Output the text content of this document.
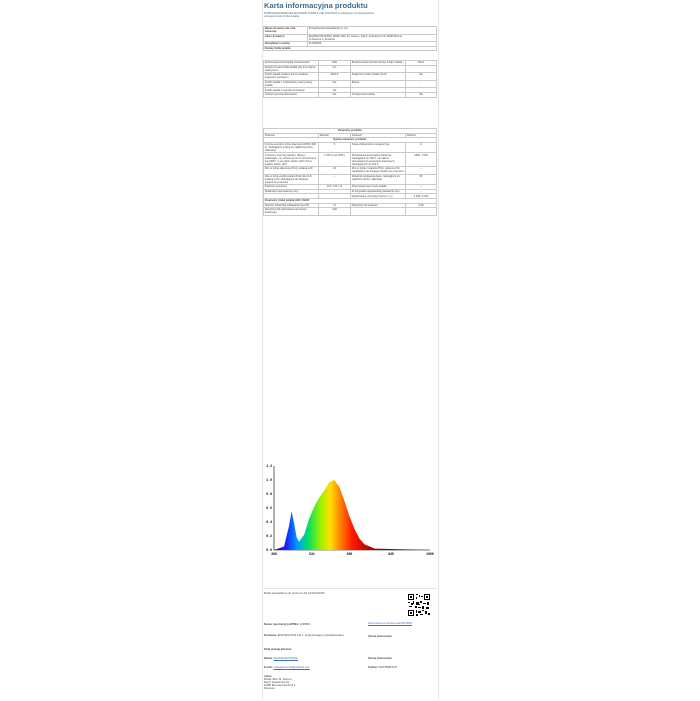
Karta informacyjna produktu
ROZPORZĄDZENIE DELEGOWANE KOMISJI (UE) 2019/2015 w odniesieniu do etykietowania
energetycznego źródeł światła
Nazwa dostawcy lub znak towarowy:	Zhongshanshimahaodianqi Co.,Ltd
Adres dostawcy:	ENAPEGASUS2006, MIHAI, Bloc 42, Scara 1, Etaj 5, Apartament 29, 22082 Bucure-
sti Sectorul 2, Romania

Identyfikator modelu:	PLUM2505
Rodzaj źródła światła:	
Zastosowana technologia oświetleniowa:	LED	Bezkierunkowe lub kierunkowe źródło światła:	NDLS
Rodzaj trzonka źródła światła (lub inne złącze elektryczne)	GC		
Źródło światła zasilane lub nie-zasilane napięciem sieciowym:	MAILS	Połączone źródło światła (CLS):	Nie
Źródło światła z możliwością zmiany barwy światła:	Nie	Barwa:	–
Źródło światła o wysokiej luminancji:	Nie		
Ochrona przeciwolśnieniowa:	Nie	Funkcja ściemniania:	Nie
Parametry produktu			
Parametr	Wartość	Parametr	Wartość
Ogólne parametry produktu:			
Zużycie energii w trybie włączenia (kWh/1 000 h), zaokrąglone w górę do najbliższej liczby całkowitej	5	Klasa efektywności energetycznej	G
Użyteczny strumień świetlny (Φuse), wskazujący, czy odnosi się on do strumienia w kuli (360°), w szerokim stożku (120°) lub w wąskim stożku (90°)	1 050 w kuli (360°)	Skorelowana temperatura barwowa, zaokrąglona do 100 K, lub zakres skorelowanych temperatur barwowych, zaokrąglonych do 100 K	2800...7000
Moc w trybie włączenia (Pon), podana w W	4,6	Moc w trybie czuwania (Psb), podana w W i zaokrąglona do drugiego miejsca po przecinku	–
Moc w trybie podtrzymania (Pnet) dla CLS podana w W i zaokrąglona do drugiego miejsca po przecinku	–	Wskaźnik oddawania barw, zaokrąglony do najbliższej liczby całkowitej	83
Parametr wymienny	104 / 133 / 12	Rzeczywisty kąt rozsyłu światła	–
Deklaracja równoważnej mocy	–	W przypadku odpowiedniej deklaracji mocy	–
		Współrzędne chromatyczności (x i y)	0,358 / 0,403
Parametry źródeł światła LED i OLED:			
Wartość wskaźnika oddawania barw R9	21	Współczynnik trwałości	0,99
Współczynnik zachowania strumienia świetlnego	0,96		
1.2
1.0
0.8
0.6
0.4
0.2
0.0
380	531	680	845	1000
Model wprowadzony do obrotu w Unii od 03/01/2025
Numer rejestracyjny EPREL: 2238803	https://eprel.ec.europa.eu/qr/223 8803
Dostawca: ENA PEGASUS S.R.L. (reprezentujący przedsiębiorstwo)	Strona internetowa:
Dział obsługi klientów:
Nazwa: ENAPEGASUS2006,	Strona internetowa:
E-mail: maneasuciumark@outlook.com	Telefon: 0040758811178
Adres:
MIHAI, Bloc 42, Scara 1,
Etaj 5, Apartament 29,
22082 Bucuresti Sectorul 2,
Romania
